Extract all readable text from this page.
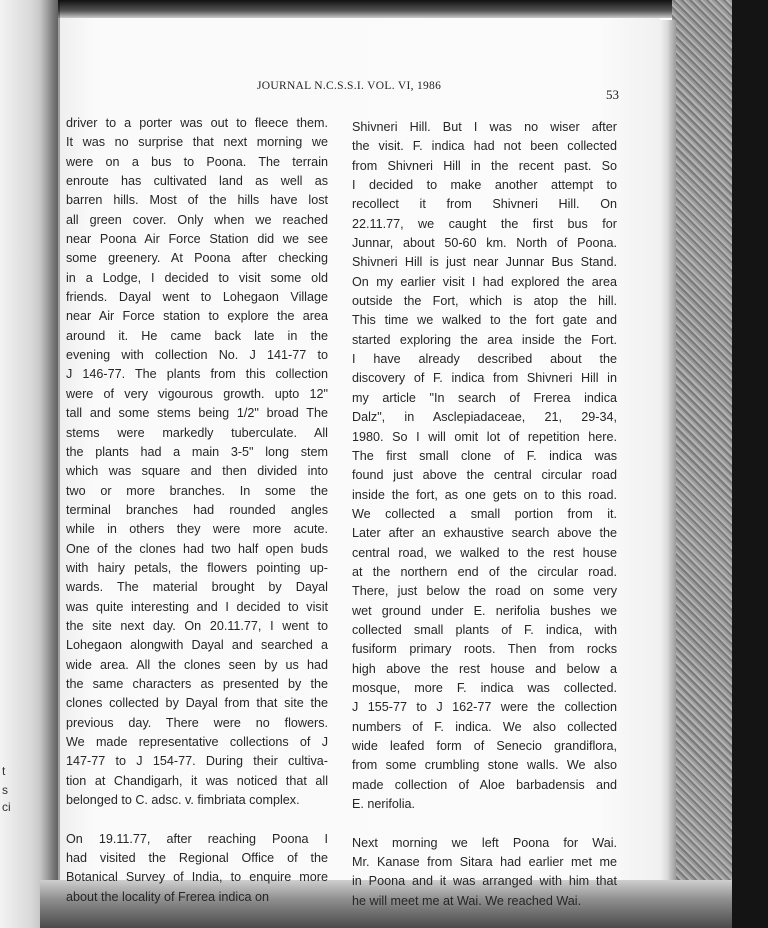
t
s
ci
JOURNAL N.C.S.S.I. VOL. VI, 1986
53
driver to a porter was out to fleece them.
It was no surprise that next morning we
were on a bus to Poona. The terrain
enroute has cultivated land as well as
barren hills. Most of the hills have lost
all green cover. Only when we reached
near Poona Air Force Station did we see
some greenery. At Poona after checking
in a Lodge, I decided to visit some old
friends. Dayal went to Lohegaon Village
near Air Force station to explore the area
around it. He came back late in the
evening with collection No. J 141-77 to
J 146-77. The plants from this collection
were of very vigourous growth. upto 12"
tall and some stems being 1/2" broad The
stems were markedly tuberculate. All
the plants had a main 3-5" long stem
which was square and then divided into
two or more branches. In some the
terminal branches had rounded angles
while in others they were more acute.
One of the clones had two half open buds
with hairy petals, the flowers pointing up-
wards. The material brought by Dayal
was quite interesting and I decided to visit
the site next day. On 20.11.77, I went to
Lohegaon alongwith Dayal and searched a
wide area. All the clones seen by us had
the same characters as presented by the
clones collected by Dayal from that site the
previous day. There were no flowers.
We made representative collections of J
147-77 to J 154-77. During their cultiva-
tion at Chandigarh, it was noticed that all
belonged to C. adsc. v. fimbriata complex.
On 19.11.77, after reaching Poona I
had visited the Regional Office of the
Botanical Survey of India, to enquire more
about the locality of Frerea indica on
Shivneri Hill. But I was no wiser after
the visit. F. indica had not been collected
from Shivneri Hill in the recent past. So
I decided to make another attempt to
recollect it from Shivneri Hill. On
22.11.77, we caught the first bus for
Junnar, about 50-60 km. North of Poona.
Shivneri Hill is just near Junnar Bus Stand.
On my earlier visit I had explored the area
outside the Fort, which is atop the hill.
This time we walked to the fort gate and
started exploring the area inside the Fort.
I have already described about the
discovery of F. indica from Shivneri Hill in
my article "In search of Frerea indica
Dalz", in Asclepiadaceae, 21, 29-34,
1980. So I will omit lot of repetition here.
The first small clone of F. indica was
found just above the central circular road
inside the fort, as one gets on to this road.
We collected a small portion from it.
Later after an exhaustive search above the
central road, we walked to the rest house
at the northern end of the circular road.
There, just below the road on some very
wet ground under E. nerifolia bushes we
collected small plants of F. indica, with
fusiform primary roots. Then from rocks
high above the rest house and below a
mosque, more F. indica was collected.
J 155-77 to J 162-77 were the collection
numbers of F. indica. We also collected
wide leafed form of Senecio grandiflora,
from some crumbling stone walls. We also
made collection of Aloe barbadensis and
E. nerifolia.
Next morning we left Poona for Wai.
Mr. Kanase from Sitara had earlier met me
in Poona and it was arranged with him that
he will meet me at Wai. We reached Wai.
